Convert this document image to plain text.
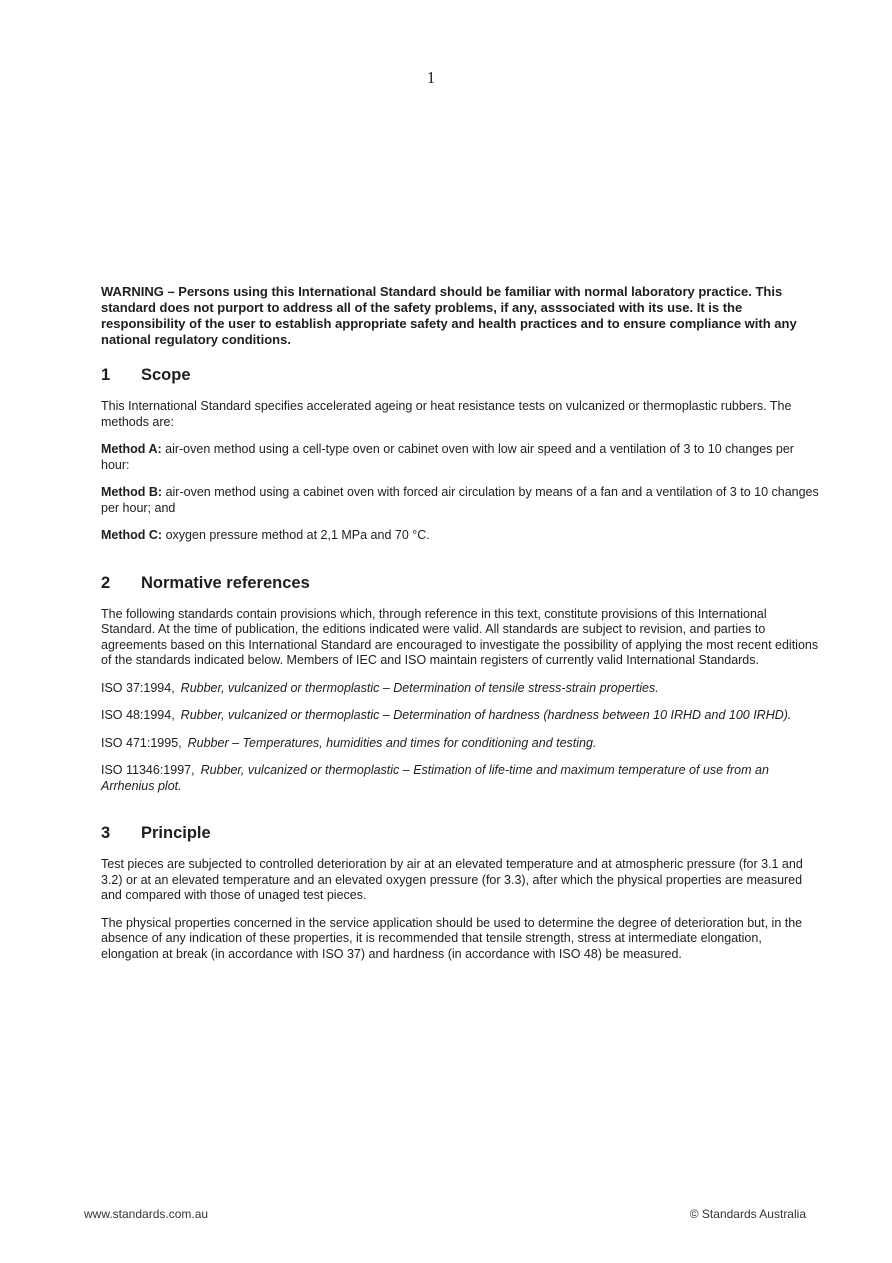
1

WARNING – Persons using this International Standard should be familiar with normal laboratory practice. This standard does not purport to address all of the safety problems, if any, asssociated with its use. It is the responsibility of the user to establish appropriate safety and health practices and to ensure compliance with any national regulatory conditions.

1	Scope

This International Standard specifies accelerated ageing or heat resistance tests on vulcanized or thermoplastic rubbers. The methods are:

Method A: air-oven method using a cell-type oven or cabinet oven with low air speed and a ventilation of 3 to 10 changes per hour:

Method B: air-oven method using a cabinet oven with forced air circulation by means of a fan and a ventilation of 3 to 10 changes per hour; and

Method C: oxygen pressure method at 2,1 MPa and 70 °C.

2	Normative references

The following standards contain provisions which, through reference in this text, constitute provisions of this International Standard. At the time of publication, the editions indicated were valid. All standards are subject to revision, and parties to agreements based on this International Standard are encouraged to investigate the possibility of applying the most recent editions of the standards indicated below. Members of IEC and ISO maintain registers of currently valid International Standards.

ISO 37:1994, Rubber, vulcanized or thermoplastic – Determination of tensile stress-strain properties.

ISO 48:1994, Rubber, vulcanized or thermoplastic – Determination of hardness (hardness between 10 IRHD and 100 IRHD).

ISO 471:1995, Rubber – Temperatures, humidities and times for conditioning and testing.

ISO 11346:1997, Rubber, vulcanized or thermoplastic – Estimation of life-time and maximum temperature of use from an Arrhenius plot.

3	Principle

Test pieces are subjected to controlled deterioration by air at an elevated temperature and at atmospheric pressure (for 3.1 and 3.2) or at an elevated temperature and an elevated oxygen pressure (for 3.3), after which the physical properties are measured and compared with those of unaged test pieces.

The physical properties concerned in the service application should be used to determine the degree of deterioration but, in the absence of any indication of these properties, it is recommended that tensile strength, stress at intermediate elongation, elongation at break (in accordance with ISO 37) and hardness (in accordance with ISO 48) be measured.

www.standards.com.au	© Standards Australia
